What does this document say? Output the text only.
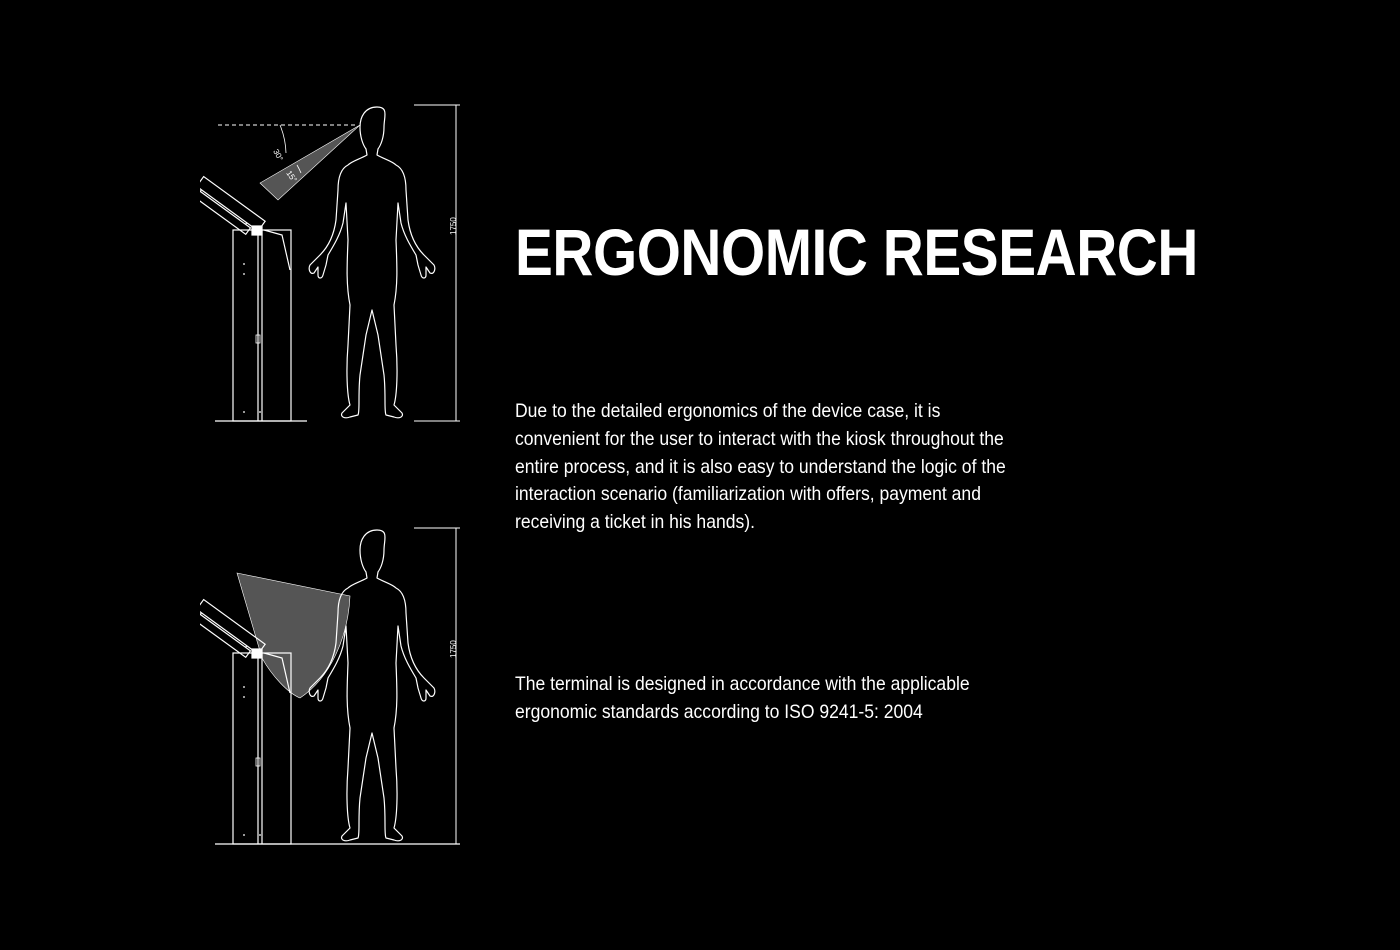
30°
15°
1750
1750
ERGONOMIC RESEARCH

Due to the detailed ergonomics of the device case, it is convenient for the user to interact with the kiosk throughout the entire process, and it is also easy to understand the logic of the interaction scenario (familiarization with offers, payment and receiving a ticket in his hands).

The terminal is designed in accordance with the applicable ergonomic standards according to ISO 9241-5: 2004
